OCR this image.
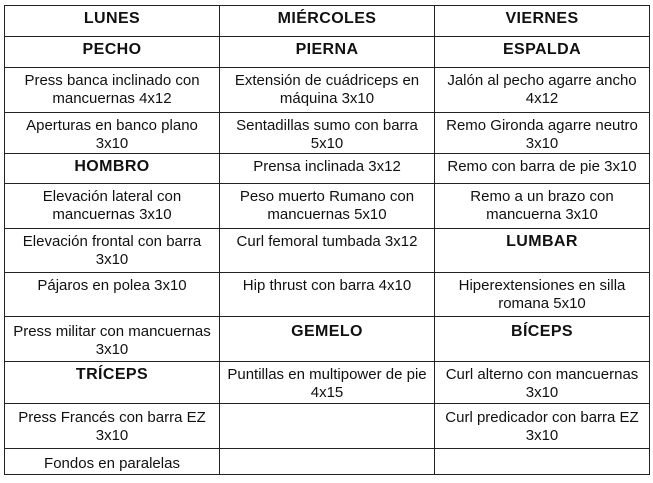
LUNES	MIÉRCOLES	VIERNES
PECHO	PIERNA	ESPALDA
Press banca inclinado con mancuernas 4x12	Extensión de cuádriceps en máquina 3x10	Jalón al pecho agarre ancho 4x12
Aperturas en banco plano 3x10	Sentadillas sumo con barra 5x10	Remo Gironda agarre neutro 3x10
HOMBRO	Prensa inclinada 3x12	Remo con barra de pie 3x10
Elevación lateral con mancuernas 3x10	Peso muerto Rumano con mancuernas 5x10	Remo a un brazo con mancuerna 3x10
Elevación frontal con barra 3x10	Curl femoral tumbada 3x12	LUMBAR
Pájaros en polea 3x10	Hip thrust con barra 4x10	Hiperextensiones en silla romana 5x10
Press militar con mancuernas 3x10	GEMELO	BÍCEPS
TRÍCEPS	Puntillas en multipower de pie 4x15	Curl alterno con mancuernas 3x10
Press Francés con barra EZ 3x10		Curl predicador con barra EZ 3x10
Fondos en paralelas		
